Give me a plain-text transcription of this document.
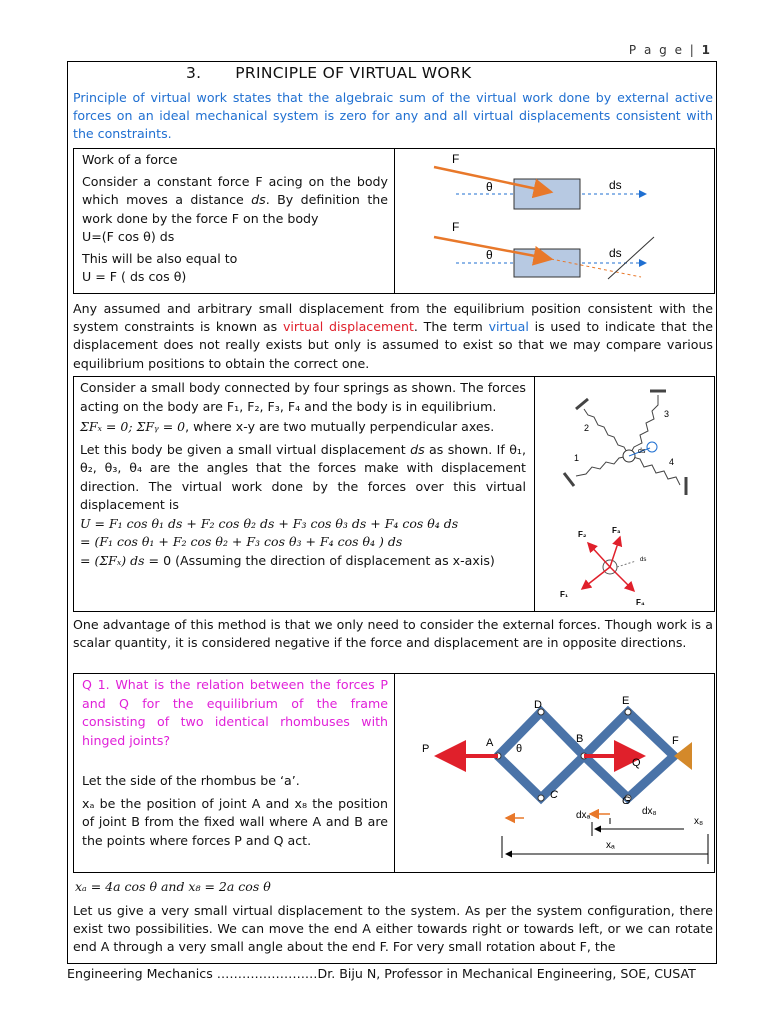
P a g e | 1
3. PRINCIPLE OF VIRTUAL WORK
Principle of virtual work states that the algebraic sum of the virtual work done by external active forces on an ideal mechanical system is zero for any and all virtual displacements consistent with the constraints.
Work of a force
Consider a constant force F acing on the body which moves a distance ds. By definition the work done by the force F on the body
U=(F cos θ) ds
This will be also equal to
U = F ( ds cos θ)
F
θ	ds
F
θ	ds
Any assumed and arbitrary small displacement from the equilibrium position consistent with the system constraints is known as virtual displacement. The term virtual is used to indicate that the displacement does not really exists but only is assumed to exist so that we may compare various equilibrium positions to obtain the correct one.
Consider a small body connected by four springs as shown. The forces acting on the body are F₁, F₂, F₃, F₄ and the body is in equilibrium.
ΣFₓ = 0; ΣFᵧ = 0, where x-y are two mutually perpendicular axes.
Let this body be given a small virtual displacement ds as shown. If θ₁, θ₂, θ₃, θ₄ are the angles that the forces make with displacement direction. The virtual work done by the forces over this virtual displacement is
U = F₁ cos θ₁ ds + F₂ cos θ₂ ds + F₃ cos θ₃ ds + F₄ cos θ₄ ds
= (F₁ cos θ₁ + F₂ cos θ₂ + F₃ cos θ₃ + F₄ cos θ₄ ) ds
= (ΣFₓ) ds = 0 (Assuming the direction of displacement as x-axis)
1
2
3
4
ds
F₁
F₂	F₃
F₄
ds
One advantage of this method is that we only need to consider the external forces. Though work is a scalar quantity, it is considered negative if the force and displacement are in opposite directions.
Q 1. What is the relation between the forces P and Q for the equilibrium of the frame consisting of two identical rhombuses with hinged joints?
Let the side of the rhombus be ‘a’.
xₐ be the position of joint A and x₈ the position of joint B from the fixed wall where A and B are the points where forces P and Q act.
P
Q
A θ
D
B
C
E
F
G
dx₈
x₈
dxₐ
xₐ
xₐ = 4a cos θ and x₈ = 2a cos θ
Let us give a very small virtual displacement to the system. As per the system configuration, there exist two possibilities. We can move the end A either towards right or towards left, or we can rotate end A through a very small angle about the end F. For very small rotation about F, the
Engineering Mechanics ……………………Dr. Biju N, Professor in Mechanical Engineering, SOE, CUSAT
